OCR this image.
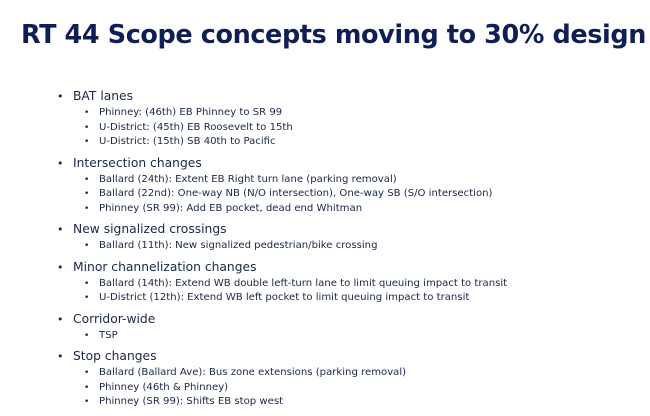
RT 44 Scope concepts moving to 30% design
• BAT lanes
• Phinney: (46th) EB Phinney to SR 99
• U-District: (45th) EB Roosevelt to 15th
• U-District: (15th) SB 40th to Pacific
• Intersection changes
• Ballard (24th): Extent EB Right turn lane (parking removal)
• Ballard (22nd): One-way NB (N/O intersection), One-way SB (S/O intersection)
• Phinney (SR 99): Add EB pocket, dead end Whitman
• New signalized crossings
• Ballard (11th): New signalized pedestrian/bike crossing
• Minor channelization changes
• Ballard (14th): Extend WB double left-turn lane to limit queuing impact to transit
• U-District (12th): Extend WB left pocket to limit queuing impact to transit
• Corridor-wide
• TSP
• Stop changes
• Ballard (Ballard Ave): Bus zone extensions (parking removal)
• Phinney (46th & Phinney)
• Phinney (SR 99): Shifts EB stop west
